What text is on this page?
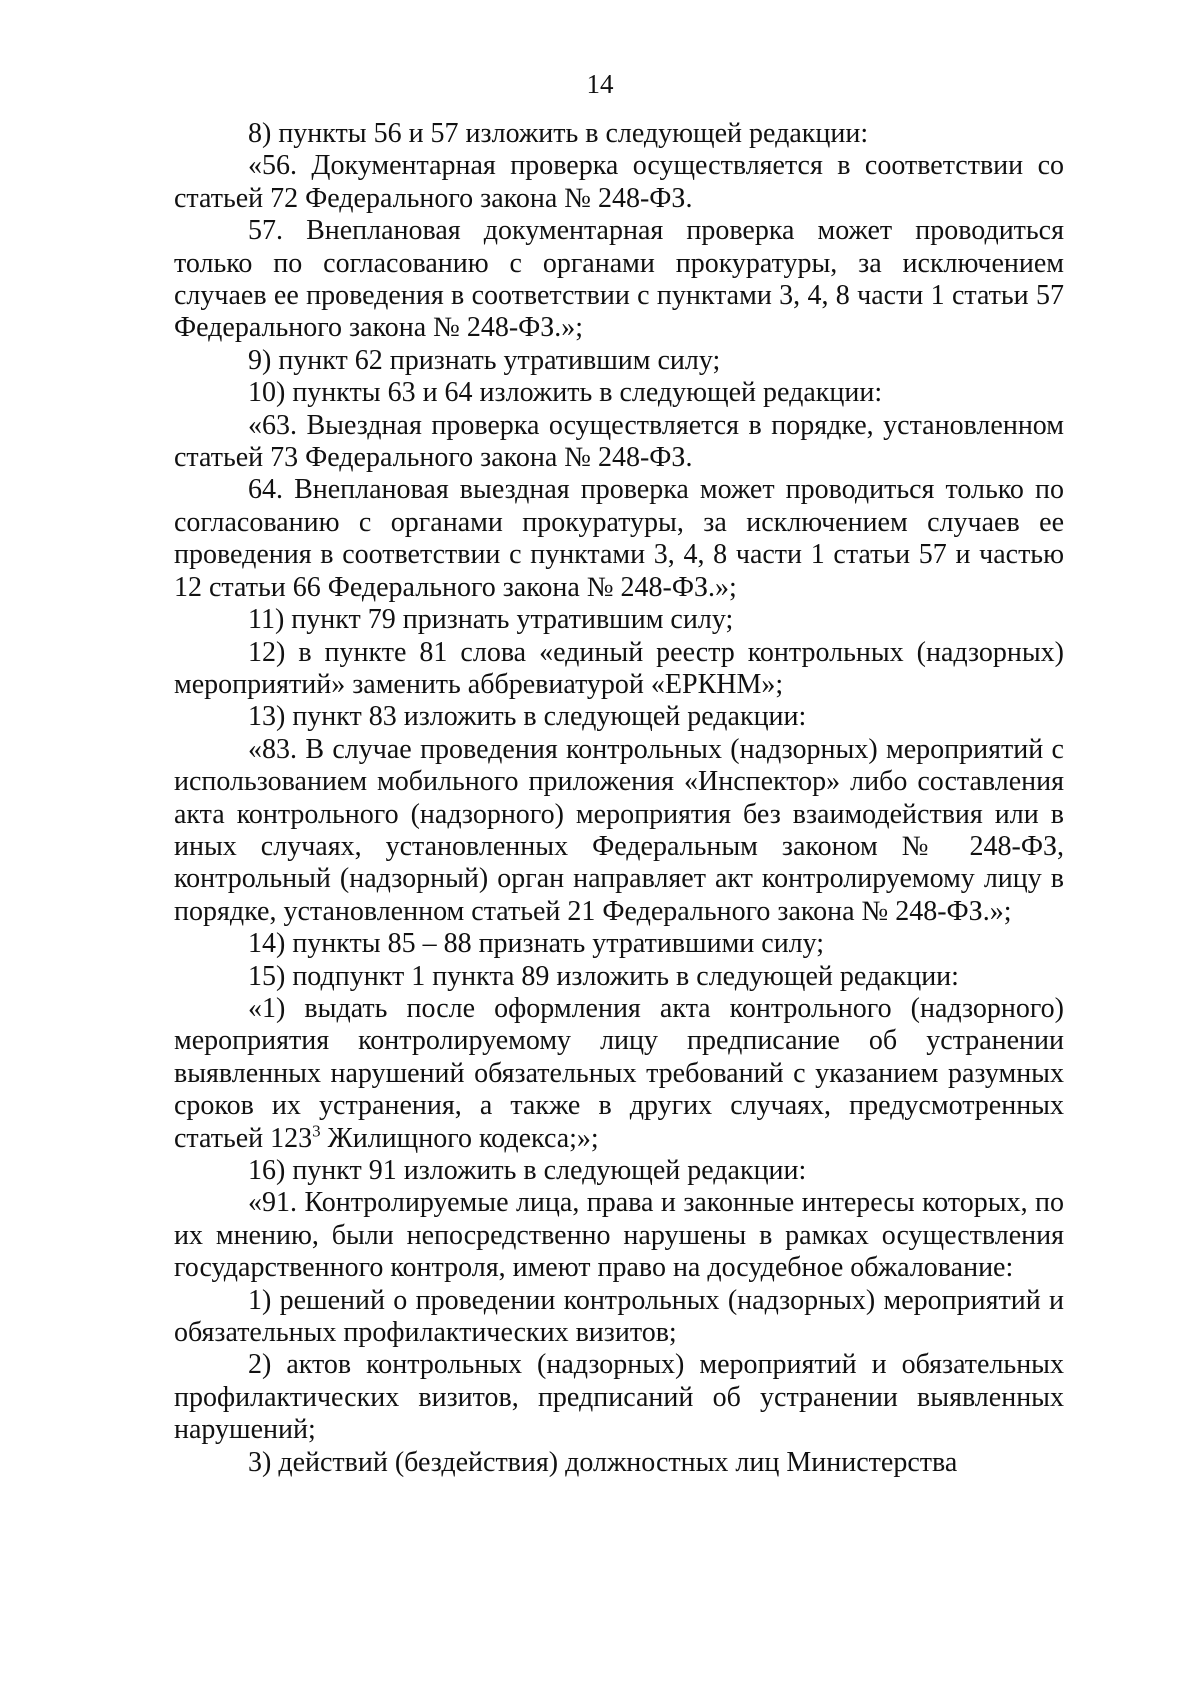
14

8) пункты 56 и 57 изложить в следующей редакции:

«56. Документарная проверка осуществляется в соответствии со статьей 72 Федерального закона № 248-ФЗ.

57. Внеплановая документарная проверка может проводиться только по согласованию с органами прокуратуры, за исключением случаев ее проведения в соответствии с пунктами 3, 4, 8 части 1 статьи 57 Федерального закона № 248-ФЗ.»;

9) пункт 62 признать утратившим силу;

10) пункты 63 и 64 изложить в следующей редакции:

«63. Выездная проверка осуществляется в порядке, установленном статьей 73 Федерального закона № 248-ФЗ.

64. Внеплановая выездная проверка может проводиться только по согласованию с органами прокуратуры, за исключением случаев ее проведения в соответствии с пунктами 3, 4, 8 части 1 статьи 57 и частью 12 статьи 66 Федерального закона № 248-ФЗ.»;

11) пункт 79 признать утратившим силу;

12) в пункте 81 слова «единый реестр контрольных (надзорных) мероприятий» заменить аббревиатурой «ЕРКНМ»;

13) пункт 83 изложить в следующей редакции:

«83. В случае проведения контрольных (надзорных) мероприятий с использованием мобильного приложения «Инспектор» либо составления акта контрольного (надзорного) мероприятия без взаимодействия или в иных случаях, установленных Федеральным законом № 248-ФЗ, контрольный (надзорный) орган направляет акт контролируемому лицу в порядке, установленном статьей 21 Федерального закона № 248-ФЗ.»;

14) пункты 85 – 88 признать утратившими силу;

15) подпункт 1 пункта 89 изложить в следующей редакции:

«1) выдать после оформления акта контрольного (надзорного) мероприятия контролируемому лицу предписание об устранении выявленных нарушений обязательных требований с указанием разумных сроков их устранения, а также в других случаях, предусмотренных статьей $123^3$ Жилищного кодекса;»;

16) пункт 91 изложить в следующей редакции:

«91. Контролируемые лица, права и законные интересы которых, по их мнению, были непосредственно нарушены в рамках осуществления государственного контроля, имеют право на досудебное обжалование:

1) решений о проведении контрольных (надзорных) мероприятий и обязательных профилактических визитов;

2) актов контрольных (надзорных) мероприятий и обязательных профилактических визитов, предписаний об устранении выявленных нарушений;

3) действий (бездействия) должностных лиц Министерства
